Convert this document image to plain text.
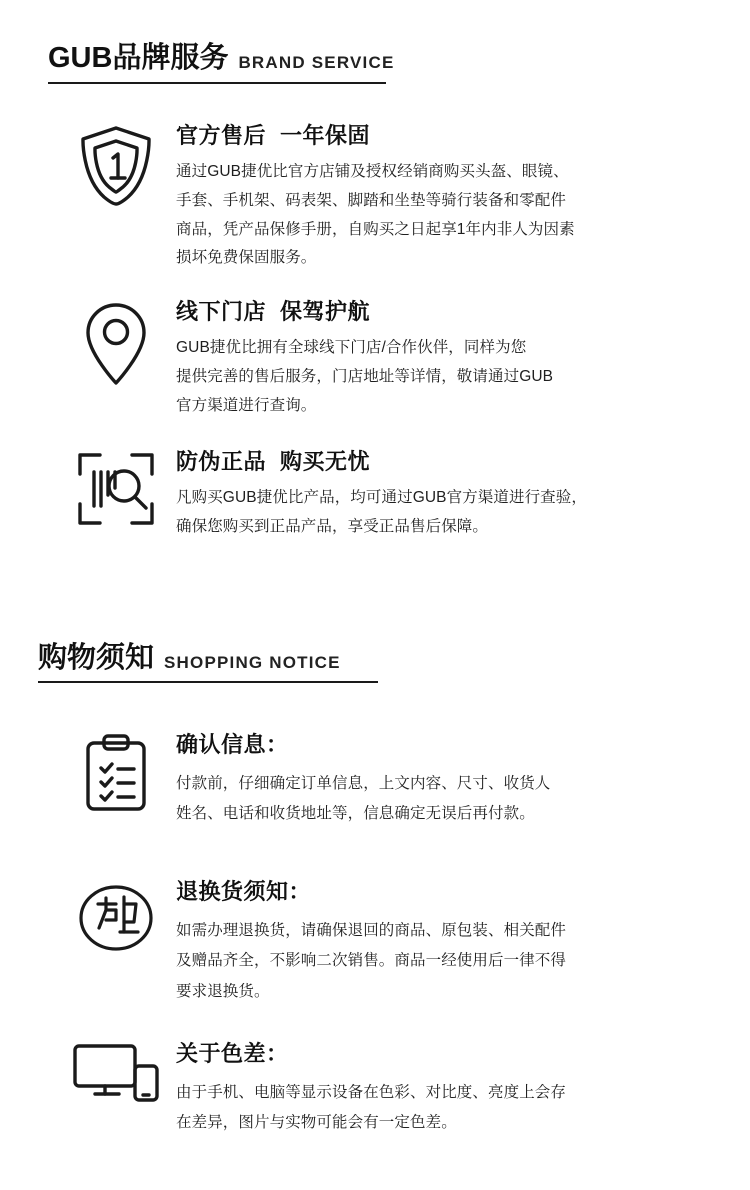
GUB品牌服务 BRAND SERVICE
官方售后 一年保固

通过GUB捷优比官方店铺及授权经销商购买头盔、眼镜、

手套、手机架、码表架、脚踏和坐垫等骑行装备和零配件

商品，凭产品保修手册，自购买之日起享1年内非人为因素

损坏免费保固服务。

线下门店 保驾护航

GUB捷优比拥有全球线下门店/合作伙伴，同样为您

提供完善的售后服务，门店地址等详情，敬请通过GUB

官方渠道进行查询。

防伪正品 购买无忧

凡购买GUB捷优比产品，均可通过GUB官方渠道进行查验，

确保您购买到正品产品，享受正品售后保障。

购物须知 SHOPPING NOTICE
确认信息：

付款前，仔细确定订单信息，上文内容、尺寸、收货人

姓名、电话和收货地址等，信息确定无误后再付款。

退换货须知：

如需办理退换货，请确保退回的商品、原包装、相关配件

及赠品齐全，不影响二次销售。商品一经使用后一律不得

要求退换货。

关于色差：

由于手机、电脑等显示设备在色彩、对比度、亮度上会存

在差异，图片与实物可能会有一定色差。
